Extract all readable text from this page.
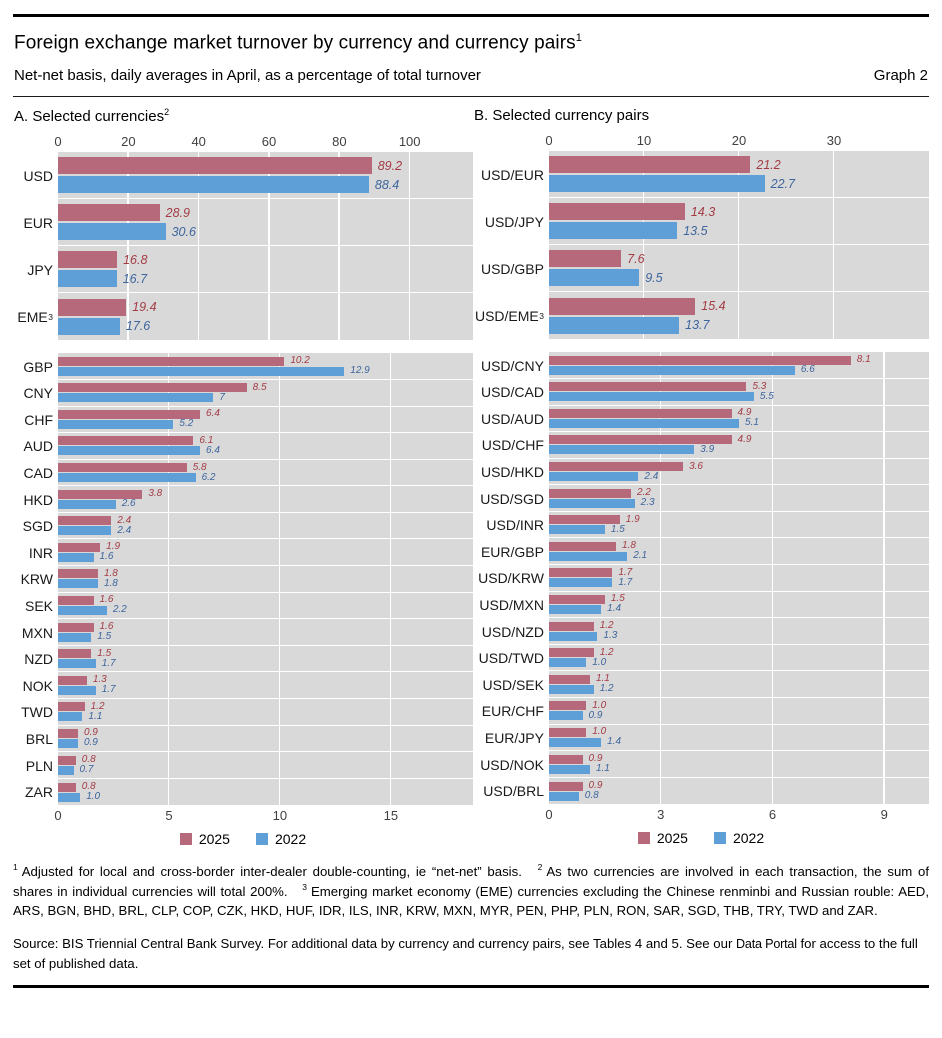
Foreign exchange market turnover by currency and currency pairs$^1$
Net-net basis, daily averages in April, as a percentage of total turnover	Graph 2
A. Selected currencies$^2$
0	20	40	60	80	100
USD
89.2
88.4
EUR
28.9
30.6
JPY
16.8
16.7
EME 3
19.4
17.6
GBP	10.2
12.9
CNY	8.5
7
CHF	6.4
5.2
AUD	6.1
6.4
CAD	5.8
6.2
HKD	3.8
2.6
SGD	2.4
2.4
INR	1.9
1.6
KRW	1.8
1.8
SEK	1.6
2.2
MXN	1.6
1.5
NZD	1.5
1.7
NOK	1.3
1.7
TWD	1.2
1.1
BRL	0.9
0.9
PLN	0.8
0.7
ZAR	0.8
1.0
0	5	10	15
2025	2022
B. Selected currency pairs
0	10	20	30
USD/EUR
21.2
22.7
USD/JPY
14.3
13.5
USD/GBP
7.6
9.5
USD/EME 3
15.4
13.7
USD/CNY	8.1
6.6
USD/CAD	5.3
5.5
USD/AUD	4.9
5.1
USD/CHF	4.9
3.9
USD/HKD	3.6
2.4
USD/SGD	2.2
2.3
USD/INR	1.9
1.5
EUR/GBP	1.8
2.1
USD/KRW	1.7
1.7
USD/MXN	1.5
1.4
USD/NZD	1.2
1.3
USD/TWD	1.2
1.0
USD/SEK	1.1
1.2
EUR/CHF	1.0
0.9
EUR/JPY	1.0
1.4
USD/NOK	0.9
1.1
USD/BRL	0.9
0.8
0	3	6	9
2025	2022
$^1$ Adjusted for local and cross-border inter-dealer double-counting, ie “net-net” basis. $^2$ As two currencies are involved in each transaction, the sum of shares in individual currencies will total 200%. $^3$ Emerging market economy (EME) currencies excluding the Chinese renminbi and Russian rouble: AED, ARS, BGN, BHD, BRL, CLP, COP, CZK, HKD, HUF, IDR, ILS, INR, KRW, MXN, MYR, PEN, PHP, PLN, RON, SAR, SGD, THB, TRY, TWD and ZAR.
Source: BIS Triennial Central Bank Survey. For additional data by currency and currency pairs, see Tables 4 and 5. See our Data Portal for access to the full set of published data.
